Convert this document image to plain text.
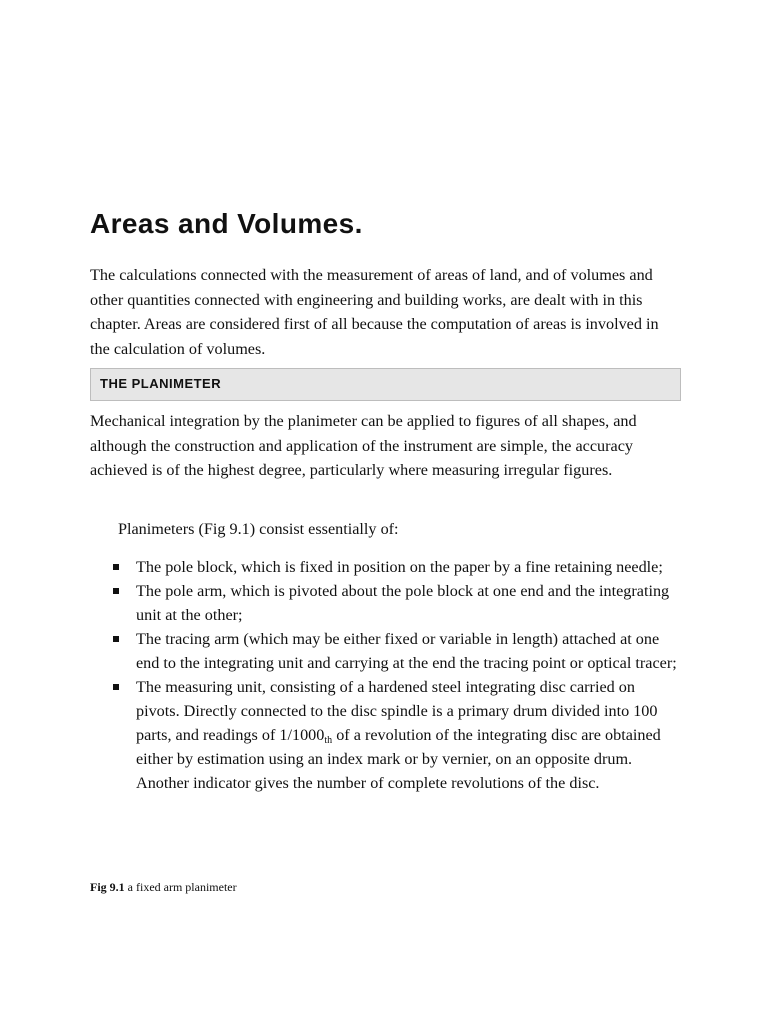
Areas and Volumes.

The calculations connected with the measurement of areas of land, and of volumes and other quantities connected with engineering and building works, are dealt with in this chapter. Areas are considered first of all because the computation of areas is involved in the calculation of volumes.

THE PLANIMETER

Mechanical integration by the planimeter can be applied to figures of all shapes, and although the construction and application of the instrument are simple, the accuracy achieved is of the highest degree, particularly where measuring irregular figures.

Planimeters (Fig 9.1) consist essentially of:

The pole block, which is fixed in position on the paper by a fine retaining needle;
The pole arm, which is pivoted about the pole block at one end and the integrating unit at the other;
The tracing arm (which may be either fixed or variable in length) attached at one end to the integrating unit and carrying at the end the tracing point or optical tracer;
The measuring unit, consisting of a hardened steel integrating disc carried on pivots. Directly connected to the disc spindle is a primary drum divided into 100 parts, and readings of $1/1000_{th}$ of a revolution of the integrating disc are obtained either by estimation using an index mark or by vernier, on an opposite drum. Another indicator gives the number of complete revolutions of the disc.

Fig 9.1 a fixed arm planimeter
